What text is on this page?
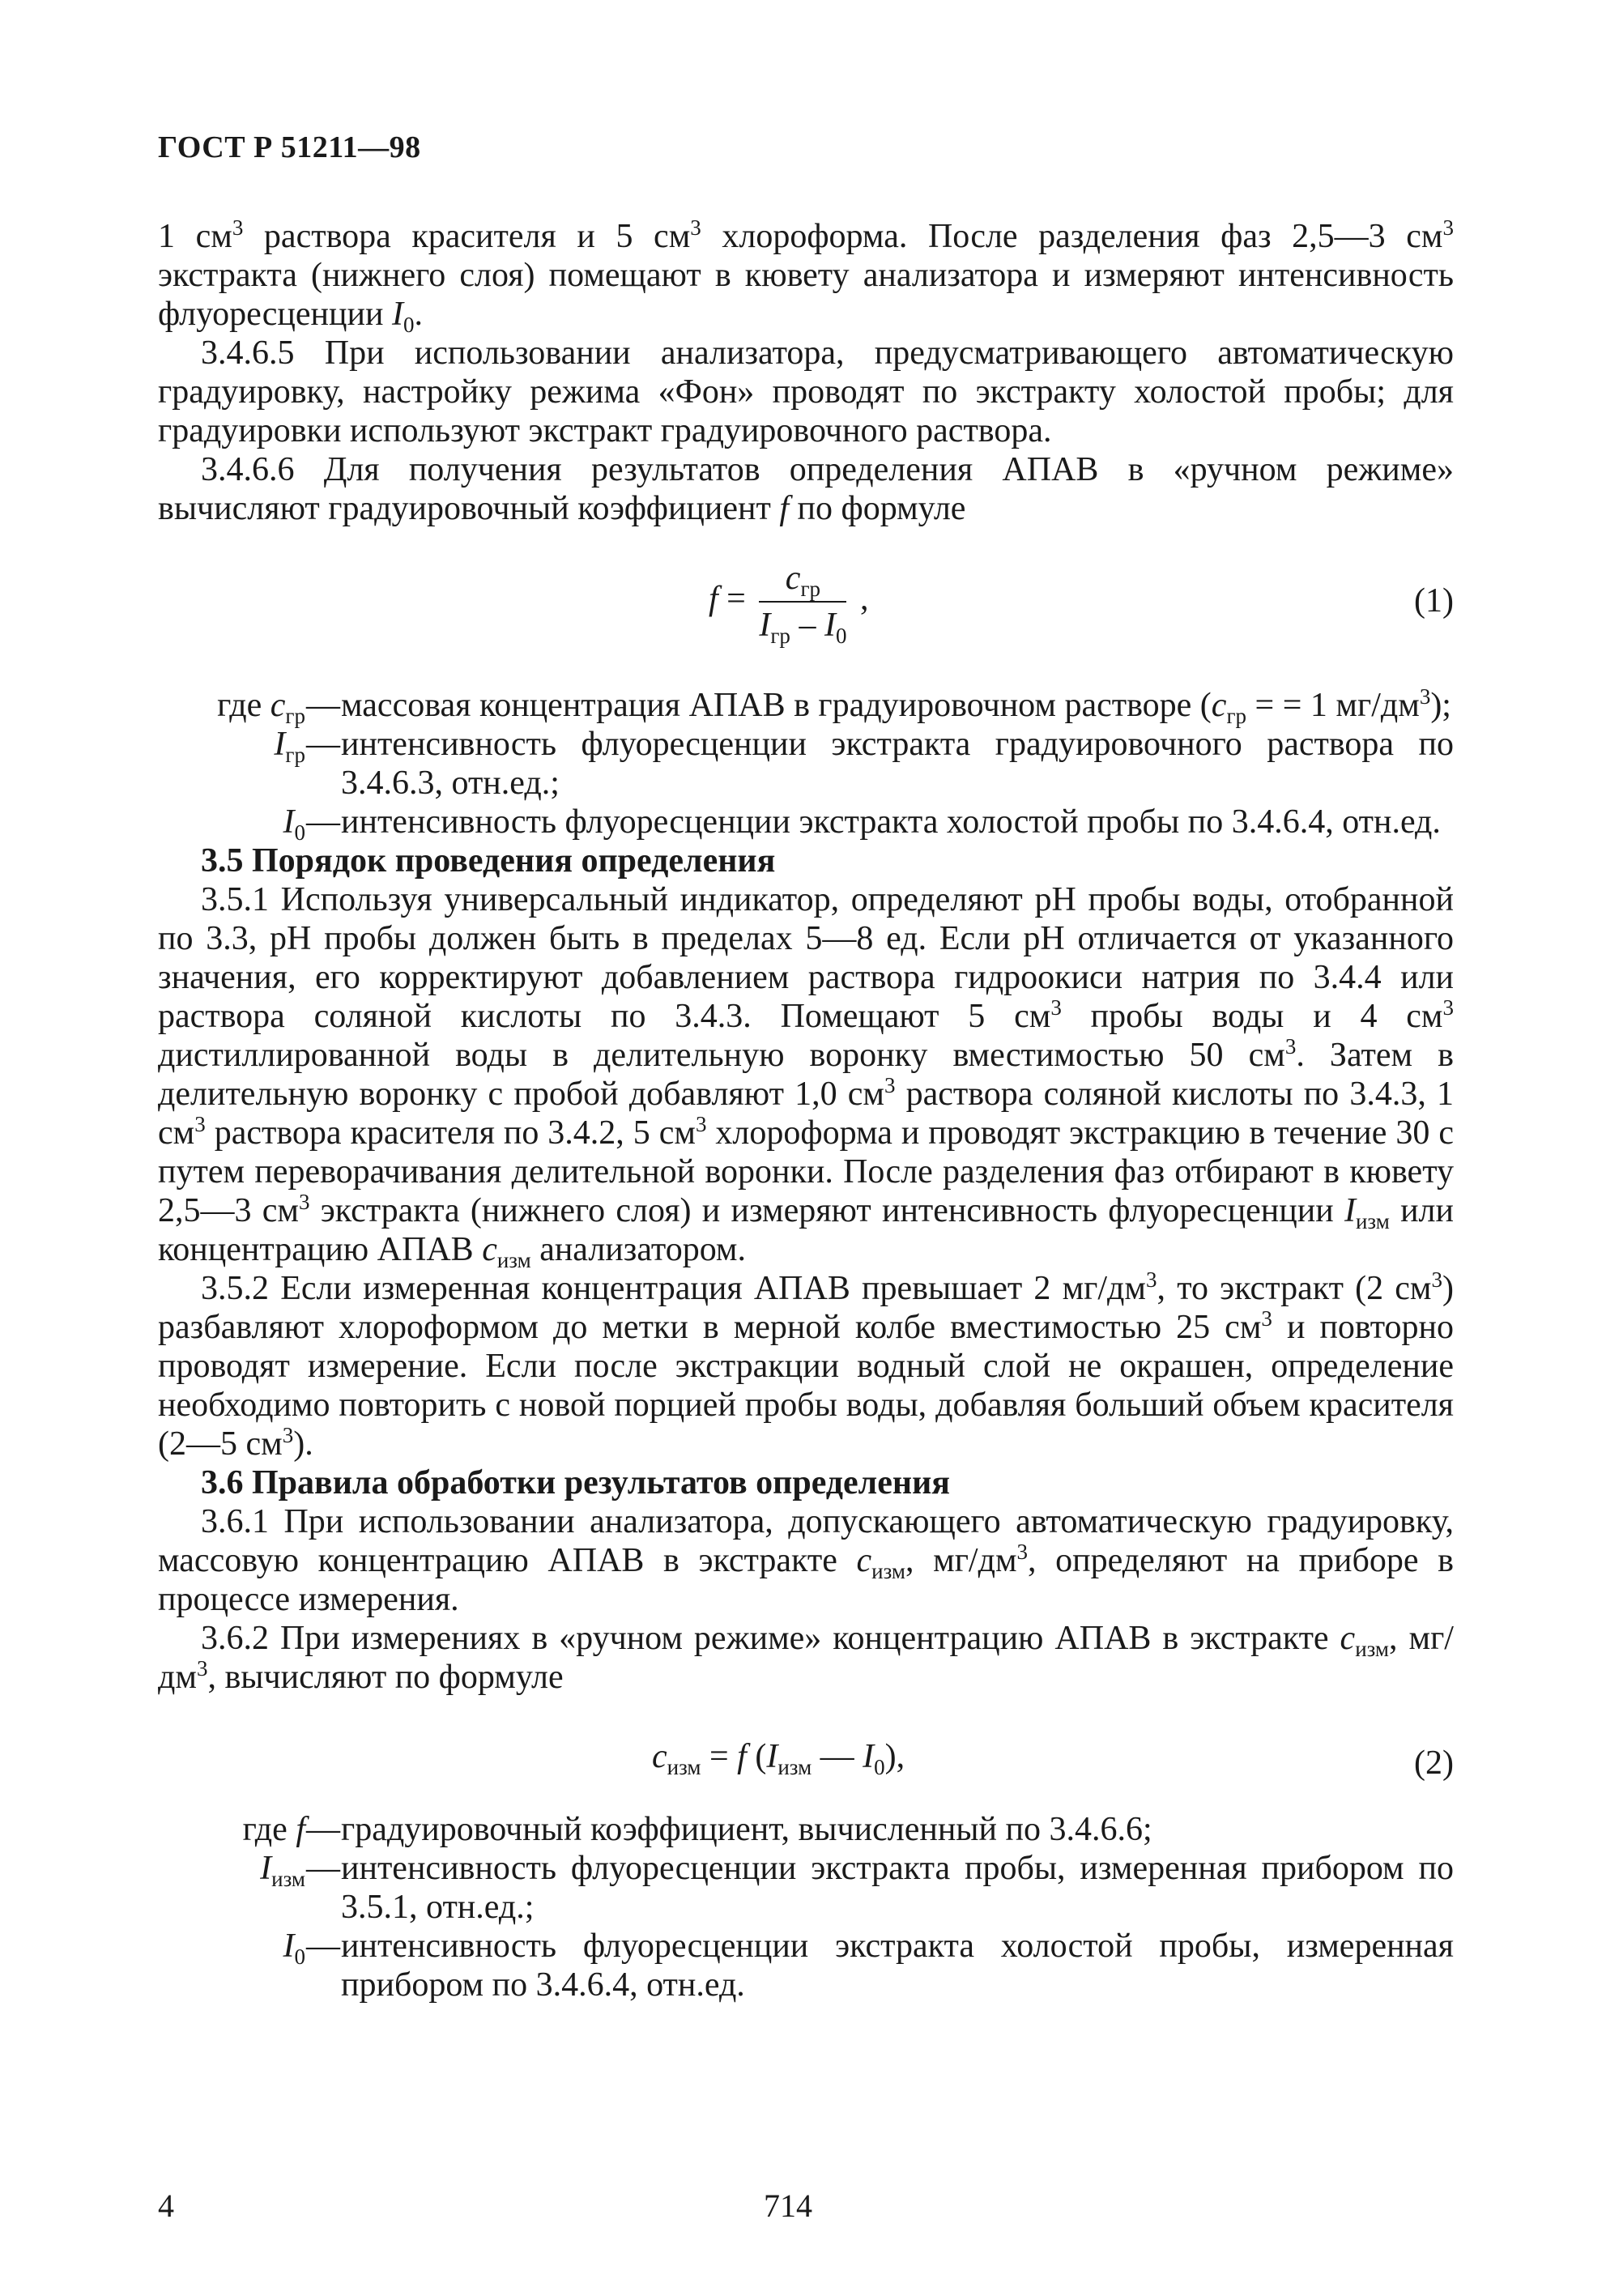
ГОСТ Р 51211—98

1 $см^3$ раствора красителя и 5 $см^3$ хлороформа. После разделения фаз 2,5—3 $см^3$ экстракта (нижнего слоя) помещают в кювету анализатора и измеряют интенсивность флуоресценции $I_0$.

3.4.6.5 При использовании анализатора, предусматривающего автоматическую градуировку, настройку режима «Фон» проводят по экстракту холостой пробы; для градуировки используют экстракт градуировочного раствора.

3.4.6.6 Для получения результатов определения АПАВ в «ручном режиме» вычисляют градуировочный коэффициент f по формуле

$f = \frac{c_{гр}}{I_{гр} - I_0}$ ,	(1)
где $c_{гр}$ — массовая концентрация АПАВ в градуировочном растворе ($c_{гр}$ = = 1 $мг/дм^3$);
$I_{гр}$ — интенсивность флуоресценции экстракта градуировочного раствора по 3.4.6.3, отн.ед.;
$I_0$ — интенсивность флуоресценции экстракта холостой пробы по 3.4.6.4, отн.ед.
3.5 Порядок проведения определения

3.5.1 Используя универсальный индикатор, определяют pH пробы воды, отобранной по 3.3, pH пробы должен быть в пределах 5—8 ед. Если pH отличается от указанного значения, его корректируют добавлением раствора гидроокиси натрия по 3.4.4 или раствора соляной кислоты по 3.4.3. Помещают 5 $см^3$ пробы воды и 4 $см^3$ дистиллированной воды в делительную воронку вместимостью 50 $см^3$. Затем в делительную воронку с пробой добавляют 1,0 $см^3$ раствора соляной кислоты по 3.4.3, 1 $см^3$ раствора красителя по 3.4.2, 5 $см^3$ хлороформа и проводят экстракцию в течение 30 с путем переворачивания делительной воронки. После разделения фаз отбирают в кювету 2,5—3 $см^3$ экстракта (нижнего слоя) и измеряют интенсивность флуоресценции $I_{изм}$ или концентрацию АПАВ $c_{изм}$ анализатором.

3.5.2 Если измеренная концентрация АПАВ превышает 2 $мг/дм^3$, то экстракт (2 $см^3$) разбавляют хлороформом до метки в мерной колбе вместимостью 25 $см^3$ и повторно проводят измерение. Если после экстракции водный слой не окрашен, определение необходимо повторить с новой порцией пробы воды, добавляя больший объем красителя (2—5 $см^3$).

3.6 Правила обработки результатов определения

3.6.1 При использовании анализатора, допускающего автоматическую градуировку, массовую концентрацию АПАВ в экстракте $c_{изм}$, $мг/дм^3$, определяют на приборе в процессе измерения.

3.6.2 При измерениях в «ручном режиме» концентрацию АПАВ в экстракте $c_{изм}$, $мг/дм^3$, вычисляют по формуле

$c_{изм} = f$ ($I_{изм}$ — $I_0$),	(2)
где f — градуировочный коэффициент, вычисленный по 3.4.6.6;
$I_{изм}$ — интенсивность флуоресценции экстракта пробы, измеренная прибором по 3.5.1, отн.ед.;
$I_0$ — интенсивность флуоресценции экстракта холостой пробы, измеренная прибором по 3.4.6.4, отн.ед.
4	714
